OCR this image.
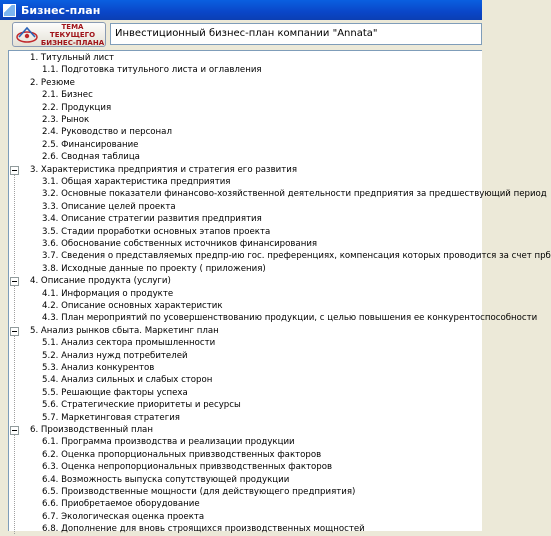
Бизнес-план
ТЕМА ТЕКУЩЕГО
БИЗНЕС-ПЛАНА
Инвестиционный бизнес-план компании "Annata"
1. Титульный лист
1.1. Подготовка титульного листа и оглавления
2. Резюме
2.1. Бизнес
2.2. Продукция
2.3. Рынок
2.4. Руководство и персонал
2.5. Финансирование
2.6. Сводная таблица
3. Характеристика предприятия и стратегия его развития
3.1. Общая характеристика предприятия
3.2. Основные показатели финансово-хозяйственной деятельности предприятия за предшествующий период
3.3. Описание целей проекта
3.4. Описание стратегии развития предприятия
3.5. Стадии проработки основных этапов проекта
3.6. Обоснование собственных источников финансирования
3.7. Сведения о представляемых предпр-ию гос. преференциях, компенсация которых проводится за счет прб
3.8. Исходные данные по проекту ( приложения)
4. Описание продукта (услуги)
4.1. Информация о продукте
4.2. Описание основных характеристик
4.3. План мероприятий по усовершенствованию продукции, с целью повышения ее конкурентоспособности
5. Анализ рынков сбыта. Маркетинг план
5.1. Анализ сектора промышленности
5.2. Анализ нужд потребителей
5.3. Анализ конкурентов
5.4. Анализ сильных и слабых сторон
5.5. Решающие факторы успеха
5.6. Стратегические приоритеты и ресурсы
5.7. Маркетинговая стратегия
6. Производственный план
6.1. Программа производства и реализации продукции
6.2. Оценка пропорциональных привзводственных факторов
6.3. Оценка непропорциональных привзводственных факторов
6.4. Возможность выпуска сопутствующей продукции
6.5. Производственные мощности (для действующего предприятия)
6.6. Приобретаемое оборудование
6.7. Экологическая оценка проекта
6.8. Дополнение для вновь строящихся производственных мощностей
